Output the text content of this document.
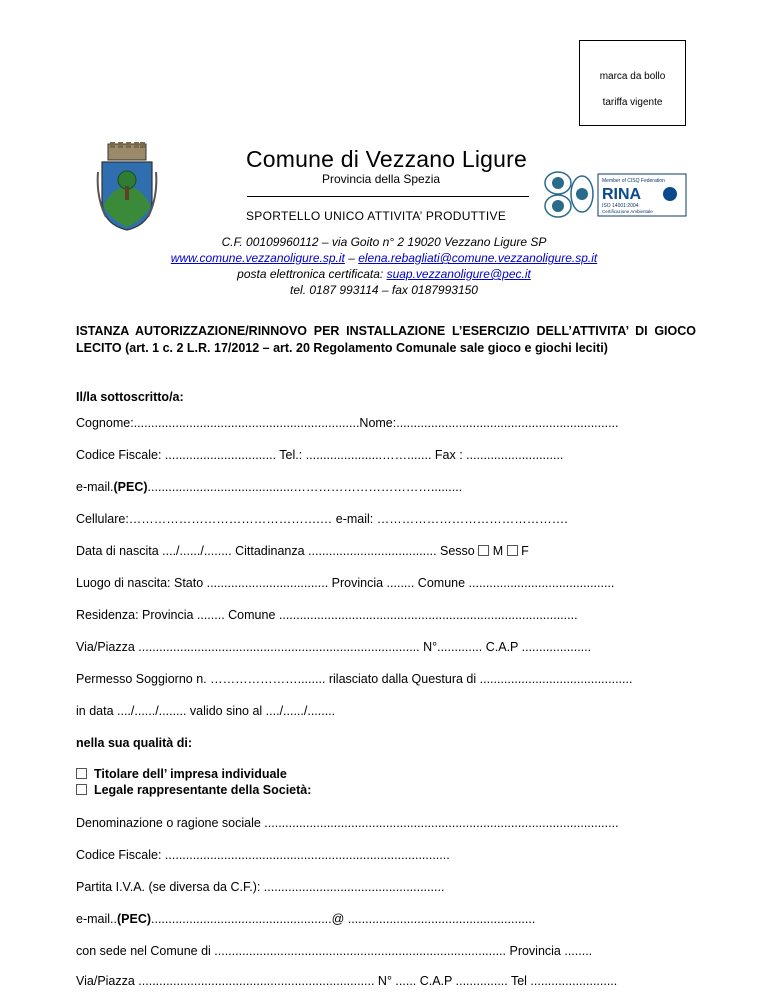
marca da bollo
tariffa vigente
Comune di Vezzano Ligure
Provincia della Spezia
SPORTELLO UNICO ATTIVITA’ PRODUTTIVE
Member of CISQ Federation
RINA
ISO 14001:2004
Certificazione Ambientale
C.F. 00109960112 – via Goito n° 2 19020 Vezzano Ligure SP
www.comune.vezzanoligure.sp.it – elena.rebagliati@comune.vezzanoligure.sp.it
posta elettronica certificata: suap.vezzanoligure@pec.it
tel. 0187 993114 – fax 0187993150
ISTANZA AUTORIZZAZIONE/RINNOVO PER INSTALLAZIONE L’ESERCIZIO DELL’ATTIVITA’ DI GIOCO LECITO (art. 1 c. 2 L.R. 17/2012 – art. 20 Regolamento Comunale sale gioco e giochi leciti)
Il/la sottoscritto/a:
Cognome:.................................................................Nome:................................................................
Codice Fiscale: ................................ Tel.: ......................……....... Fax : ............................
e-mail.(PEC)..........................................…………………………….........
Cellulare:……………………………………….… e-mail: ……………………………………….
Data di nascita ..../....../........ Cittadinanza ..................................... Sesso  M  F
Luogo di nascita: Stato ................................... Provincia ........ Comune ..........................................
Residenza: Provincia ........ Comune ......................................................................................
Via/Piazza ................................................................................. N°............. C.A.P ....................
Permesso Soggiorno n. …………………........ rilasciato dalla Questura di ............................................
in data ..../....../........ valido sino al ..../....../........
nella sua qualità di:
Titolare dell’ impresa individuale
Legale rappresentante della Società:
Denominazione o ragione sociale ......................................................................................................
Codice Fiscale: ..................................................................................
Partita I.V.A. (se diversa da C.F.): ....................................................
e-mail..(PEC)....................................................@ ......................................................
con sede nel Comune di .................................................................................... Provincia ........
Via/Piazza .................................................................... N° ...... C.A.P ............... Tel .........................
